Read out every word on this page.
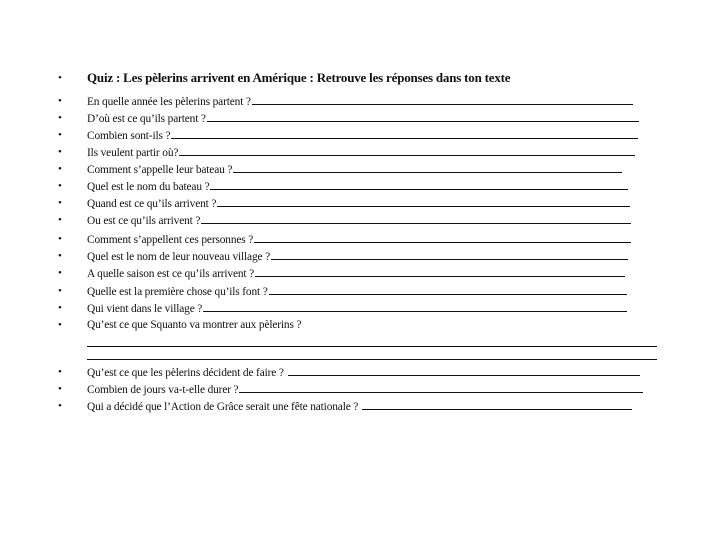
• Quiz : Les pèlerins arrivent en Amérique : Retrouve les réponses dans ton texte
• En quelle année les pèlerins partent ?
• D’où est ce qu’ils partent ?
• Combien sont-ils ?
• Ils veulent partir où?
• Comment s’appelle leur bateau ?
• Quel est le nom du bateau ?
• Quand est ce qu’ils arrivent ?
• Ou est ce qu’ils arrivent ?
• Comment s’appellent ces personnes ?
• Quel est le nom de leur nouveau village ?
• A quelle saison est ce qu’ils arrivent ?
• Quelle est la première chose qu’ils font ?
• Qui vient dans le village ?
• Qu’est ce que Squanto va montrer aux pèlerins ?
• Qu’est ce que les pèlerins décident de faire ?
• Combien de jours va-t-elle durer ?
• Qui a décidé que l’Action de Grâce serait une fête nationale ?
